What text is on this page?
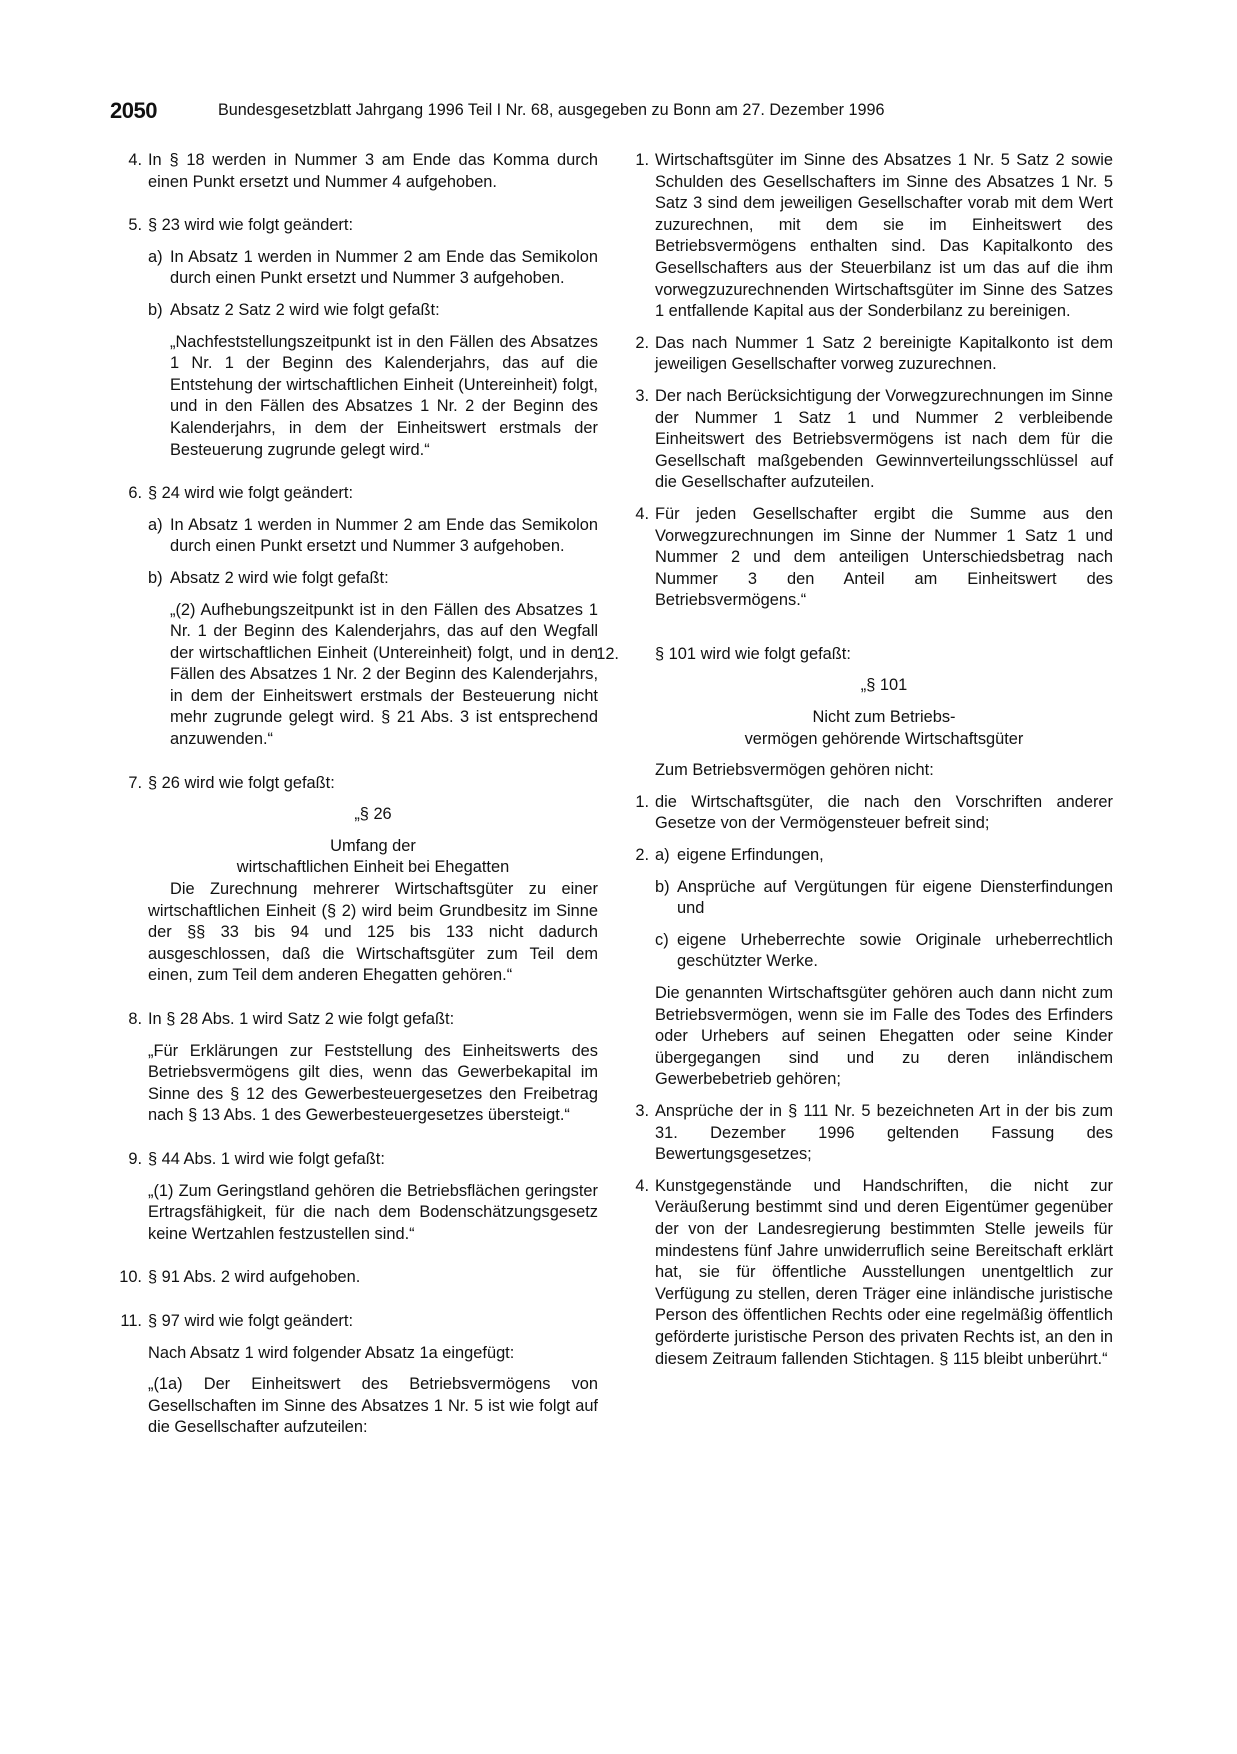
2050	Bundesgesetzblatt Jahrgang 1996 Teil I Nr. 68, ausgegeben zu Bonn am 27. Dezember 1996
4. In § 18 werden in Nummer 3 am Ende das Komma durch einen Punkt ersetzt und Nummer 4 aufgehoben.
5. § 23 wird wie folgt geändert:
a) In Absatz 1 werden in Nummer 2 am Ende das Semikolon durch einen Punkt ersetzt und Nummer 3 aufgehoben.
b) Absatz 2 Satz 2 wird wie folgt gefaßt:
„Nachfeststellungszeitpunkt ist in den Fällen des Absatzes 1 Nr. 1 der Beginn des Kalenderjahrs, das auf die Entstehung der wirtschaftlichen Einheit (Untereinheit) folgt, und in den Fällen des Absatzes 1 Nr. 2 der Beginn des Kalenderjahrs, in dem der Einheitswert erstmals der Besteuerung zugrunde gelegt wird.“
6. § 24 wird wie folgt geändert:
a) In Absatz 1 werden in Nummer 2 am Ende das Semikolon durch einen Punkt ersetzt und Nummer 3 aufgehoben.
b) Absatz 2 wird wie folgt gefaßt:
„(2) Aufhebungszeitpunkt ist in den Fällen des Absatzes 1 Nr. 1 der Beginn des Kalenderjahrs, das auf den Wegfall der wirtschaftlichen Einheit (Untereinheit) folgt, und in den Fällen des Absatzes 1 Nr. 2 der Beginn des Kalenderjahrs, in dem der Einheitswert erstmals der Besteuerung nicht mehr zugrunde gelegt wird. § 21 Abs. 3 ist entsprechend anzuwenden.“
7. § 26 wird wie folgt gefaßt:
„§ 26
Umfang der
wirtschaftlichen Einheit bei Ehegatten
Die Zurechnung mehrerer Wirtschaftsgüter zu einer wirtschaftlichen Einheit (§ 2) wird beim Grundbesitz im Sinne der §§ 33 bis 94 und 125 bis 133 nicht dadurch ausgeschlossen, daß die Wirtschaftsgüter zum Teil dem einen, zum Teil dem anderen Ehegatten gehören.“
8. In § 28 Abs. 1 wird Satz 2 wie folgt gefaßt:
„Für Erklärungen zur Feststellung des Einheitswerts des Betriebsvermögens gilt dies, wenn das Gewerbekapital im Sinne des § 12 des Gewerbesteuergesetzes den Freibetrag nach § 13 Abs. 1 des Gewerbesteuergesetzes übersteigt.“
9. § 44 Abs. 1 wird wie folgt gefaßt:
„(1) Zum Geringstland gehören die Betriebsflächen geringster Ertragsfähigkeit, für die nach dem Bodenschätzungsgesetz keine Wertzahlen festzustellen sind.“
10. § 91 Abs. 2 wird aufgehoben.
11. § 97 wird wie folgt geändert:
Nach Absatz 1 wird folgender Absatz 1a eingefügt:
„(1a) Der Einheitswert des Betriebsvermögens von Gesellschaften im Sinne des Absatzes 1 Nr. 5 ist wie folgt auf die Gesellschafter aufzuteilen:
1. Wirtschaftsgüter im Sinne des Absatzes 1 Nr. 5 Satz 2 sowie Schulden des Gesellschafters im Sinne des Absatzes 1 Nr. 5 Satz 3 sind dem jeweiligen Gesellschafter vorab mit dem Wert zuzurechnen, mit dem sie im Einheitswert des Betriebsvermögens enthalten sind. Das Kapitalkonto des Gesellschafters aus der Steuerbilanz ist um das auf die ihm vorwegzuzurechnenden Wirtschaftsgüter im Sinne des Satzes 1 entfallende Kapital aus der Sonderbilanz zu bereinigen.
2. Das nach Nummer 1 Satz 2 bereinigte Kapitalkonto ist dem jeweiligen Gesellschafter vorweg zuzurechnen.
3. Der nach Berücksichtigung der Vorwegzurechnungen im Sinne der Nummer 1 Satz 1 und Nummer 2 verbleibende Einheitswert des Betriebsvermögens ist nach dem für die Gesellschaft maßgebenden Gewinnverteilungsschlüssel auf die Gesellschafter aufzuteilen.
4. Für jeden Gesellschafter ergibt die Summe aus den Vorwegzurechnungen im Sinne der Nummer 1 Satz 1 und Nummer 2 und dem anteiligen Unterschiedsbetrag nach Nummer 3 den Anteil am Einheitswert des Betriebsvermögens.“
12. § 101 wird wie folgt gefaßt:
„§ 101
Nicht zum Betriebs-
vermögen gehörende Wirtschaftsgüter
Zum Betriebsvermögen gehören nicht:
1. die Wirtschaftsgüter, die nach den Vorschriften anderer Gesetze von der Vermögensteuer befreit sind;
2. a) eigene Erfindungen,
b) Ansprüche auf Vergütungen für eigene Diensterfindungen und
c) eigene Urheberrechte sowie Originale urheberrechtlich geschützter Werke.
Die genannten Wirtschaftsgüter gehören auch dann nicht zum Betriebsvermögen, wenn sie im Falle des Todes des Erfinders oder Urhebers auf seinen Ehegatten oder seine Kinder übergegangen sind und zu deren inländischem Gewerbebetrieb gehören;
3. Ansprüche der in § 111 Nr. 5 bezeichneten Art in der bis zum 31. Dezember 1996 geltenden Fassung des Bewertungsgesetzes;
4. Kunstgegenstände und Handschriften, die nicht zur Veräußerung bestimmt sind und deren Eigentümer gegenüber der von der Landesregierung bestimmten Stelle jeweils für mindestens fünf Jahre unwiderruflich seine Bereitschaft erklärt hat, sie für öffentliche Ausstellungen unentgeltlich zur Verfügung zu stellen, deren Träger eine inländische juristische Person des öffentlichen Rechts oder eine regelmäßig öffentlich geförderte juristische Person des privaten Rechts ist, an den in diesem Zeitraum fallenden Stichtagen. § 115 bleibt unberührt.“
